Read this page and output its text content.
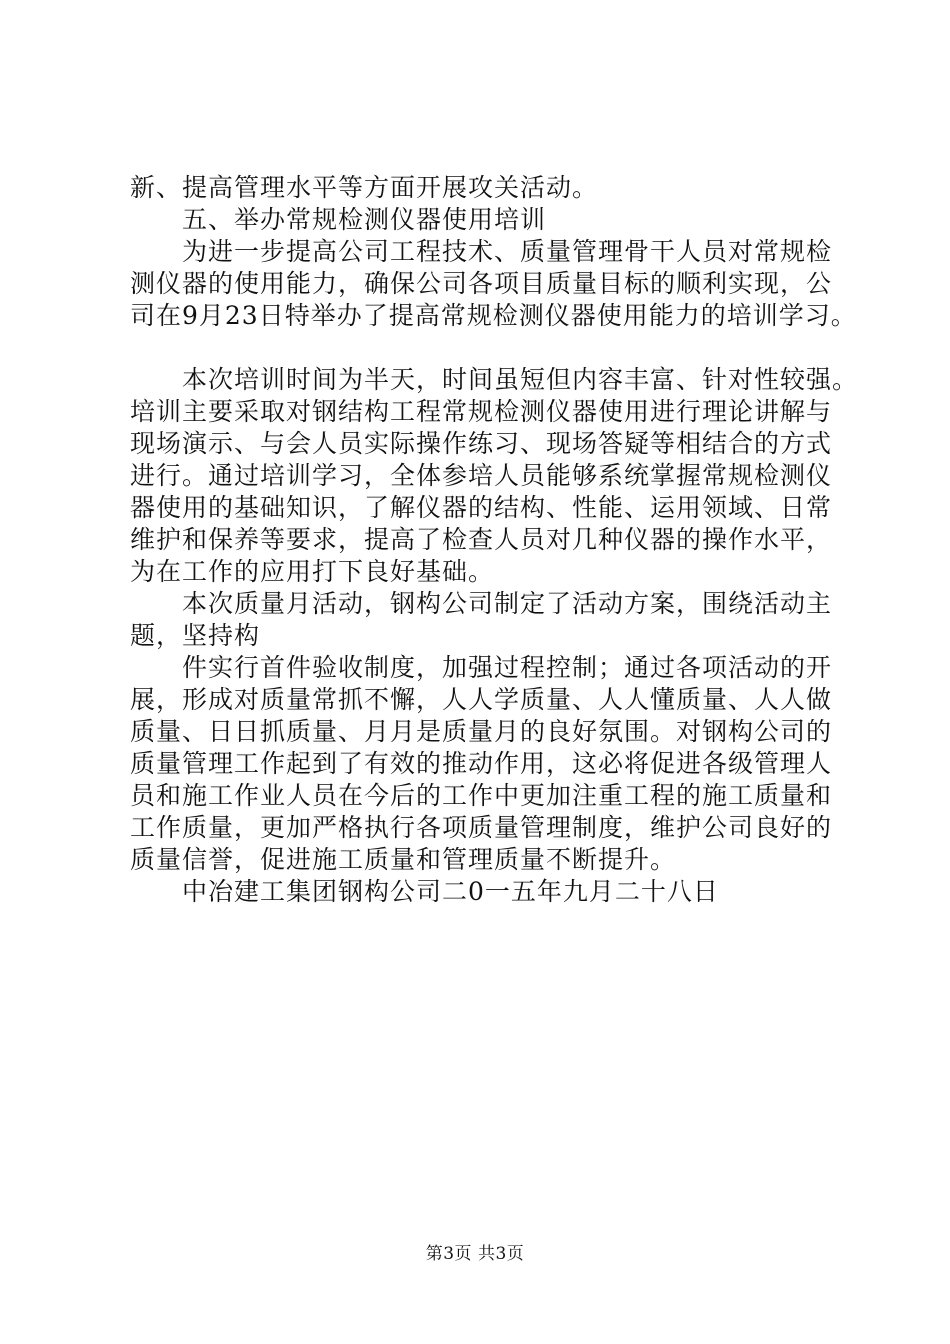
新、提高管理水平等方面开展攻关活动。
五、举办常规检测仪器使用培训
为进一步提高公司工程技术、质量管理骨干人员对常规检
测仪器的使用能力，确保公司各项目质量目标的顺利实现，公
司在9月23日特举办了提高常规检测仪器使用能力的培训学习。
本次培训时间为半天，时间虽短但内容丰富、针对性较强。
培训主要采取对钢结构工程常规检测仪器使用进行理论讲解与
现场演示、与会人员实际操作练习、现场答疑等相结合的方式
进行。通过培训学习，全体参培人员能够系统掌握常规检测仪
器使用的基础知识，了解仪器的结构、性能、运用领域、日常
维护和保养等要求，提高了检查人员对几种仪器的操作水平，
为在工作的应用打下良好基础。
本次质量月活动，钢构公司制定了活动方案，围绕活动主
题，坚持构
件实行首件验收制度，加强过程控制；通过各项活动的开
展，形成对质量常抓不懈，人人学质量、人人懂质量、人人做
质量、日日抓质量、月月是质量月的良好氛围。对钢构公司的
质量管理工作起到了有效的推动作用，这必将促进各级管理人
员和施工作业人员在今后的工作中更加注重工程的施工质量和
工作质量，更加严格执行各项质量管理制度，维护公司良好的
质量信誉，促进施工质量和管理质量不断提升。
中冶建工集团钢构公司二0一五年九月二十八日
第3页 共3页
